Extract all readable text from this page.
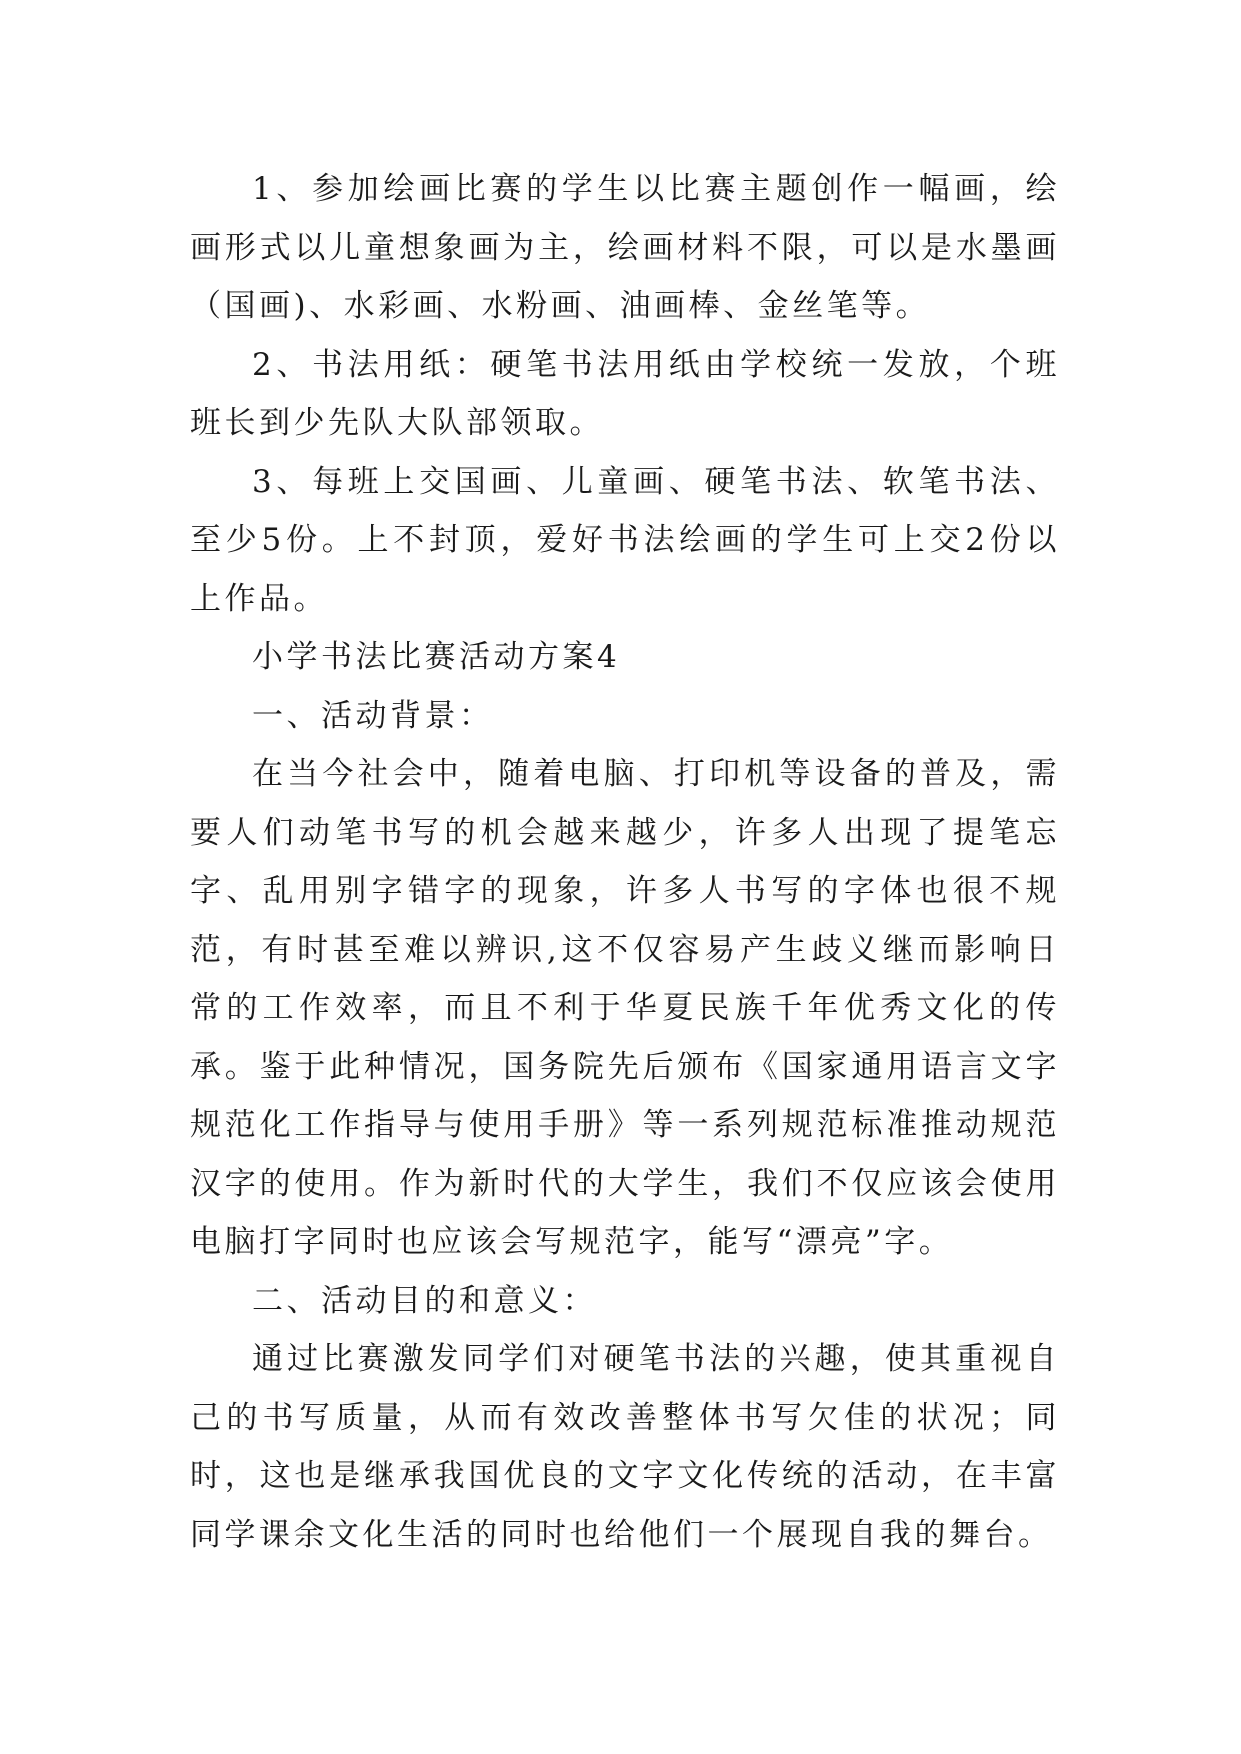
1、参加绘画比赛的学生以比赛主题创作一幅画，绘画形式以儿童想象画为主，绘画材料不限，可以是水墨画（国画)、水彩画、水粉画、油画棒、金丝笔等。

2、书法用纸：硬笔书法用纸由学校统一发放，个班班长到少先队大队部领取。

3、每班上交国画、儿童画、硬笔书法、软笔书法、至少5份。上不封顶，爱好书法绘画的学生可上交2份以上作品。

小学书法比赛活动方案4

一、活动背景：

在当今社会中，随着电脑、打印机等设备的普及，需要人们动笔书写的机会越来越少，许多人出现了提笔忘字、乱用别字错字的现象，许多人书写的字体也很不规范，有时甚至难以辨识,这不仅容易产生歧义继而影响日常的工作效率，而且不利于华夏民族千年优秀文化的传承。鉴于此种情况，国务院先后颁布《国家通用语言文字规范化工作指导与使用手册》等一系列规范标准推动规范汉字的使用。作为新时代的大学生，我们不仅应该会使用电脑打字同时也应该会写规范字，能写“漂亮”字。

二、活动目的和意义：

通过比赛激发同学们对硬笔书法的兴趣，使其重视自己的书写质量，从而有效改善整体书写欠佳的状况；同时，这也是继承我国优良的文字文化传统的活动，在丰富同学课余文化生活的同时也给他们一个展现自我的舞台。
